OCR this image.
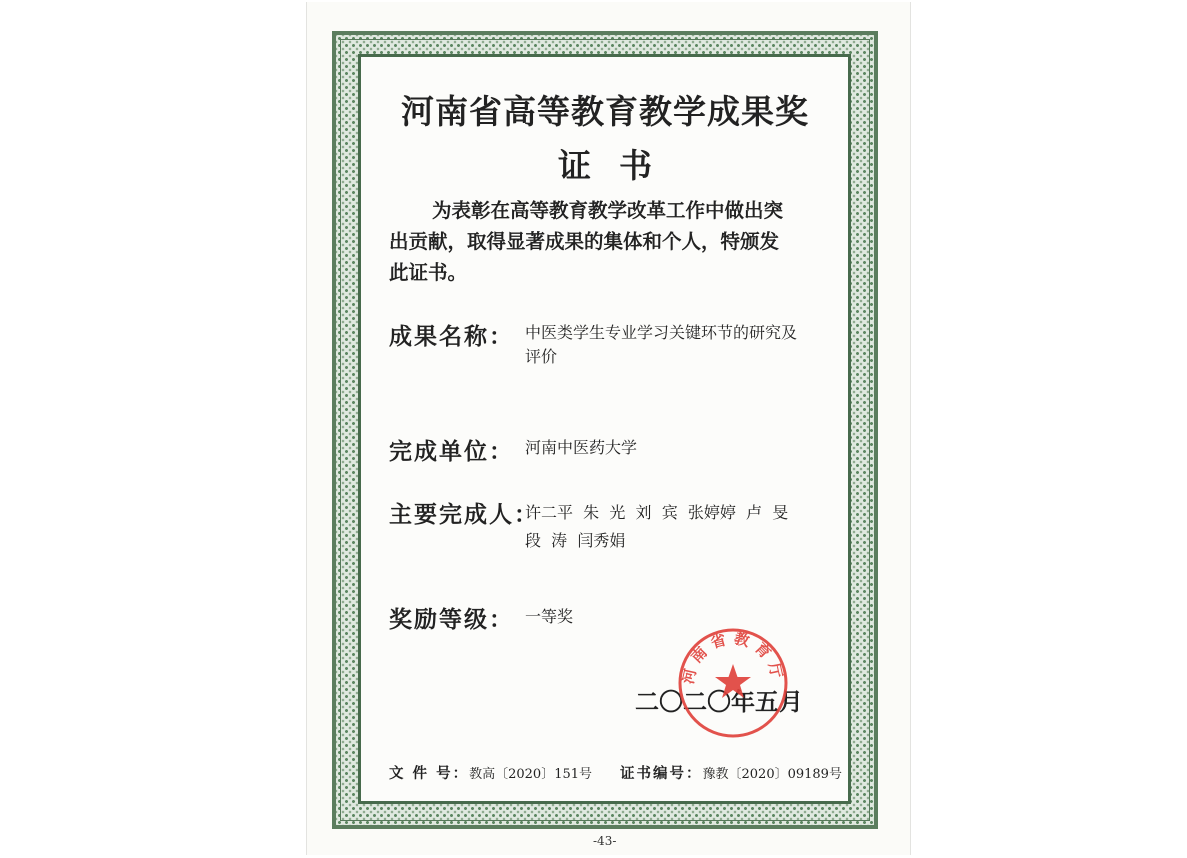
河南省高等教育教学成果奖
证书
为表彰在高等教育教学改革工作中做出突
出贡献，取得显著成果的集体和个人，特颁发
此证书。
成果名称： 中医类学生专业学习关键环节的研究及
评价
完成单位： 河南中医药大学
主要完成人：
许二平  朱  光  刘  宾  张婷婷  卢  旻
段  涛  闫秀娟
奖励等级： 一等奖
二〇二〇年五月
河南省教育厅
文 件 号：教高〔2020〕151号 证书编号：豫教〔2020〕09189号
-43-
